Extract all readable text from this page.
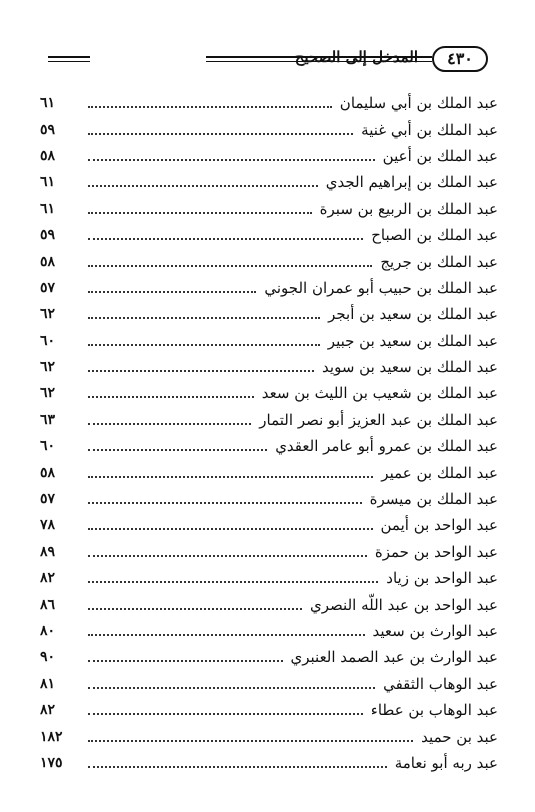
٤٣٠
المدخل إلى الصحيح
عبد الملك بن أبي سليمان
٦١
عبد الملك بن أبي غنية
٥٩
عبد الملك بن أعين
٥٨
عبد الملك بن إبراهيم الجدي
٦١
عبد الملك بن الربيع بن سبرة
٦١
عبد الملك بن الصباح
٥٩
عبد الملك بن جريج
٥٨
عبد الملك بن حبيب أبو عمران الجوني
٥٧
عبد الملك بن سعيد بن أبجر
٦٢
عبد الملك بن سعيد بن جبير
٦٠
عبد الملك بن سعيد بن سويد
٦٢
عبد الملك بن شعيب بن الليث بن سعد
٦٢
عبد الملك بن عبد العزيز أبو نصر التمار
٦٣
عبد الملك بن عمرو أبو عامر العقدي
٦٠
عبد الملك بن عمير
٥٨
عبد الملك بن ميسرة
٥٧
عبد الواحد بن أيمن
٧٨
عبد الواحد بن حمزة
٨٩
عبد الواحد بن زياد
٨٢
عبد الواحد بن عبد اللّه النصري
٨٦
عبد الوارث بن سعيد
٨٠
عبد الوارث بن عبد الصمد العنبري
٩٠
عبد الوهاب الثقفي
٨١
عبد الوهاب بن عطاء
٨٢
عبد بن حميد
١٨٢
عبد ربه أبو نعامة
١٧٥
